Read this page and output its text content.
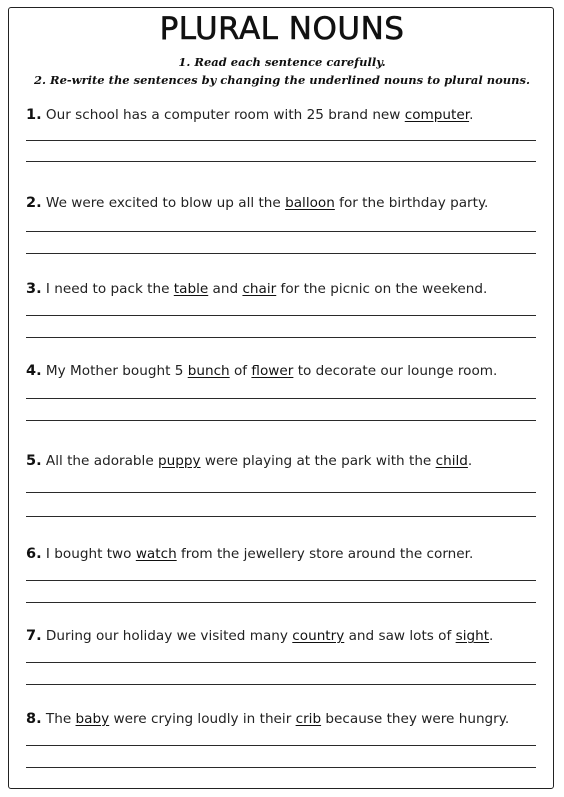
PLURAL NOUNS
1. Read each sentence carefully.
2. Re-write the sentences by changing the underlined nouns to plural nouns.
1. Our school has a computer room with 25 brand new computer.
2. We were excited to blow up all the balloon for the birthday party.
3. I need to pack the table and chair for the picnic on the weekend.
4. My Mother bought 5 bunch of flower to decorate our lounge room.
5. All the adorable puppy were playing at the park with the child.
6. I bought two watch from the jewellery store around the corner.
7. During our holiday we visited many country and saw lots of sight.
8. The baby were crying loudly in their crib because they were hungry.
